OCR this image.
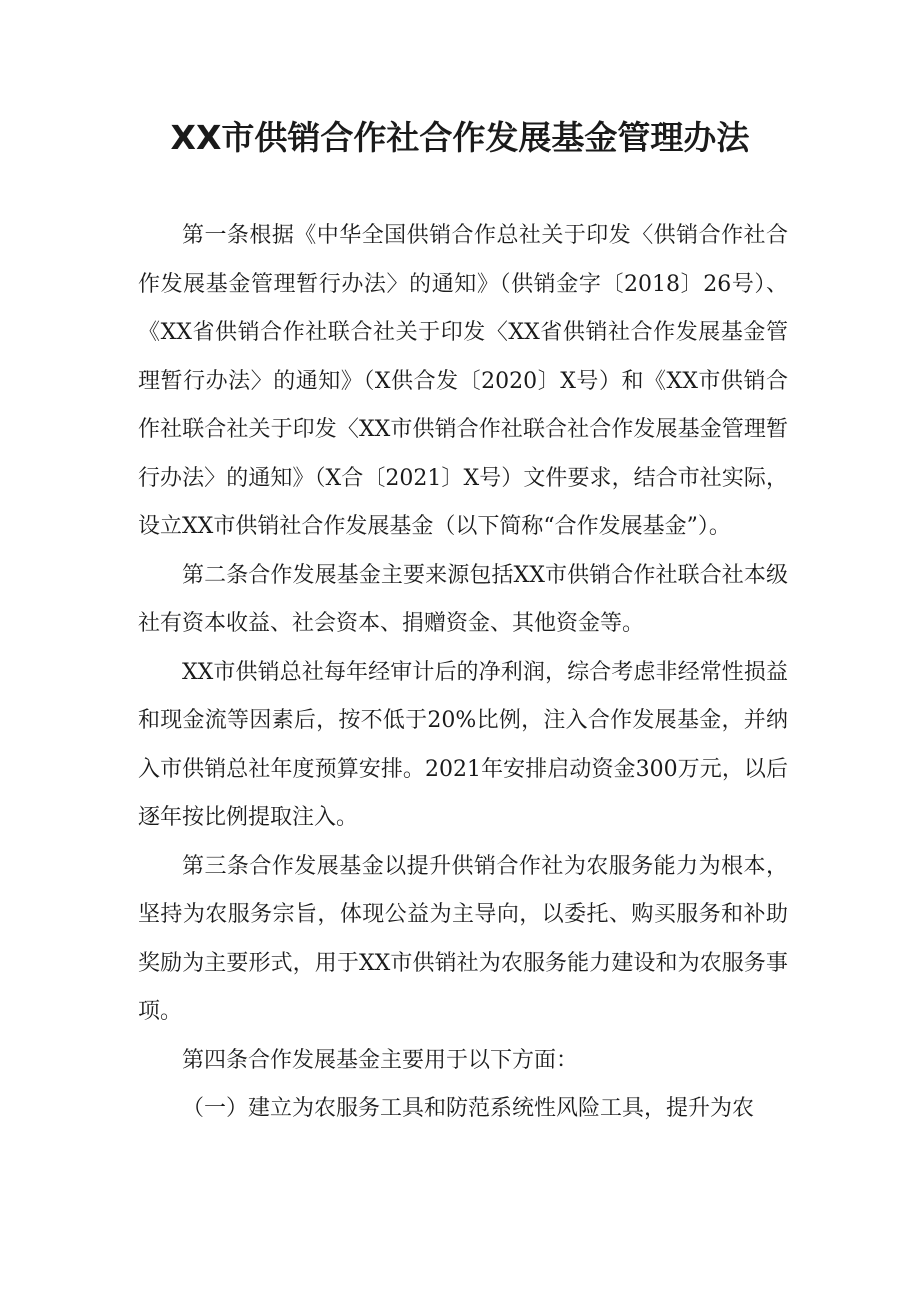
XX市供销合作社合作发展基金管理办法

第一条根据《中华全国供销合作总社关于印发〈供销合作社合作发展基金管理暂行办法〉的通知》（供销金字〔2018〕26号）、《XX省供销合作社联合社关于印发〈XX省供销社合作发展基金管理暂行办法〉的通知》（X供合发〔2020〕X号）和《XX市供销合作社联合社关于印发〈XX市供销合作社联合社合作发展基金管理暂行办法〉的通知》（X合〔2021〕X号）文件要求，结合市社实际，设立XX市供销社合作发展基金（以下简称“合作发展基金”）。

第二条合作发展基金主要来源包括XX市供销合作社联合社本级社有资本收益、社会资本、捐赠资金、其他资金等。

XX市供销总社每年经审计后的净利润，综合考虑非经常性损益和现金流等因素后，按不低于20%比例，注入合作发展基金，并纳入市供销总社年度预算安排。2021年安排启动资金300万元，以后逐年按比例提取注入。

第三条合作发展基金以提升供销合作社为农服务能力为根本，坚持为农服务宗旨，体现公益为主导向，以委托、购买服务和补助奖励为主要形式，用于XX市供销社为农服务能力建设和为农服务事项。

第四条合作发展基金主要用于以下方面：

（一）建立为农服务工具和防范系统性风险工具，提升为农
